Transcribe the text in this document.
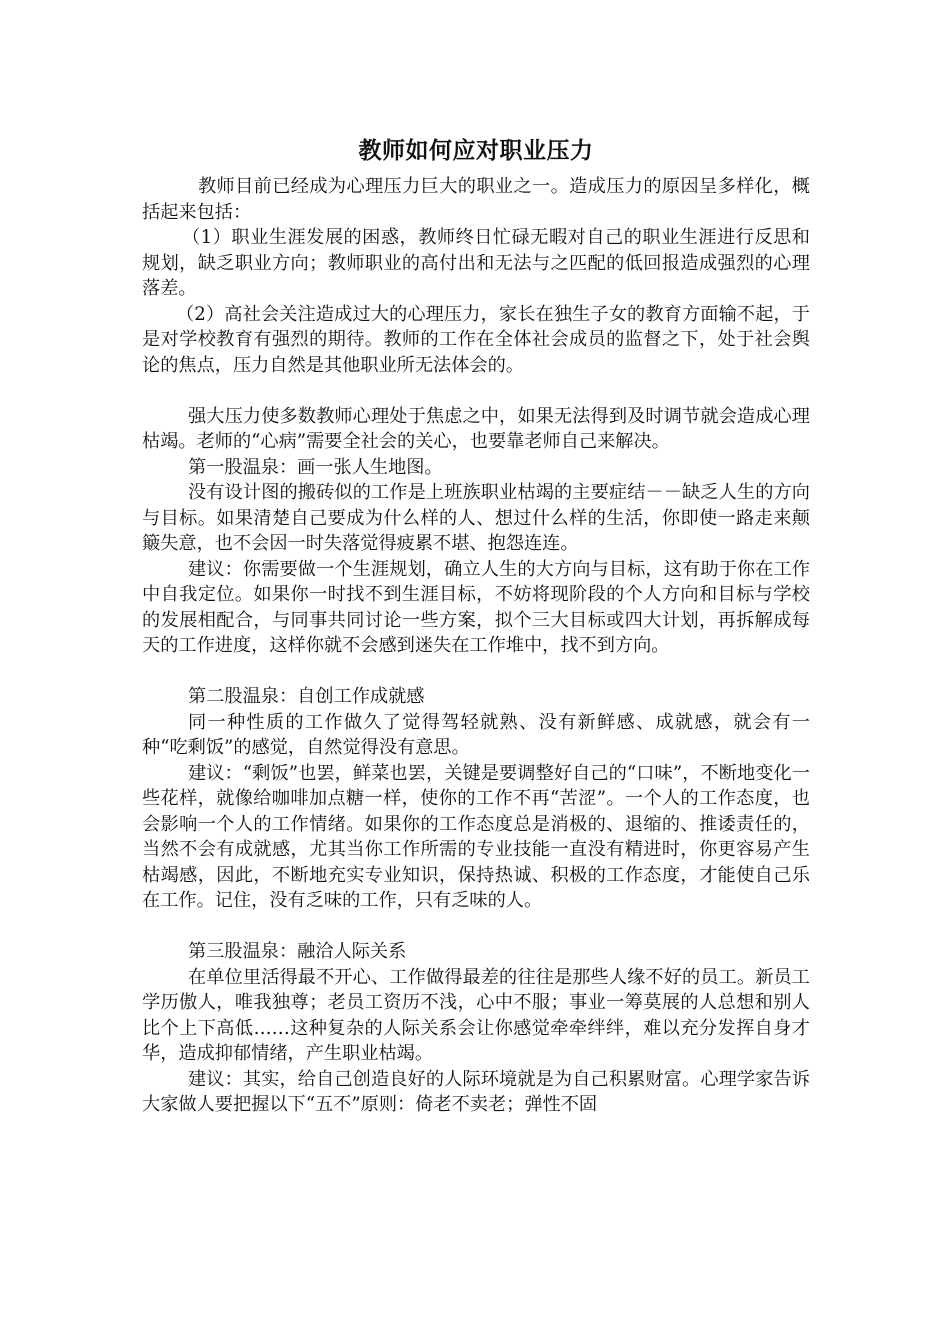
教师如何应对职业压力

教师目前已经成为心理压力巨大的职业之一。造成压力的原因呈多样化，概括起来包括：

（1）职业生涯发展的困惑，教师终日忙碌无暇对自己的职业生涯进行反思和规划，缺乏职业方向；教师职业的高付出和无法与之匹配的低回报造成强烈的心理落差。

（2）高社会关注造成过大的心理压力，家长在独生子女的教育方面输不起，于是对学校教育有强烈的期待。教师的工作在全体社会成员的监督之下，处于社会舆论的焦点，压力自然是其他职业所无法体会的。

强大压力使多数教师心理处于焦虑之中，如果无法得到及时调节就会造成心理枯竭。老师的“心病”需要全社会的关心，也要靠老师自己来解决。

第一股温泉：画一张人生地图。

没有设计图的搬砖似的工作是上班族职业枯竭的主要症结－－缺乏人生的方向与目标。如果清楚自己要成为什么样的人、想过什么样的生活，你即使一路走来颠簸失意，也不会因一时失落觉得疲累不堪、抱怨连连。

建议：你需要做一个生涯规划，确立人生的大方向与目标，这有助于你在工作中自我定位。如果你一时找不到生涯目标，不妨将现阶段的个人方向和目标与学校的发展相配合，与同事共同讨论一些方案，拟个三大目标或四大计划，再拆解成每天的工作进度，这样你就不会感到迷失在工作堆中，找不到方向。

第二股温泉：自创工作成就感

同一种性质的工作做久了觉得驾轻就熟、没有新鲜感、成就感，就会有一种“吃剩饭”的感觉，自然觉得没有意思。

建议：“剩饭”也罢，鲜菜也罢，关键是要调整好自己的“口味”，不断地变化一些花样，就像给咖啡加点糖一样，使你的工作不再“苦涩”。一个人的工作态度，也会影响一个人的工作情绪。如果你的工作态度总是消极的、退缩的、推诿责任的，当然不会有成就感，尤其当你工作所需的专业技能一直没有精进时，你更容易产生枯竭感，因此，不断地充实专业知识，保持热诚、积极的工作态度，才能使自己乐在工作。记住，没有乏味的工作，只有乏味的人。

第三股温泉：融洽人际关系

在单位里活得最不开心、工作做得最差的往往是那些人缘不好的员工。新员工学历傲人，唯我独尊；老员工资历不浅，心中不服；事业一筹莫展的人总想和别人比个上下高低……这种复杂的人际关系会让你感觉牵牵绊绊，难以充分发挥自身才华，造成抑郁情绪，产生职业枯竭。

建议：其实，给自己创造良好的人际环境就是为自己积累财富。心理学家告诉大家做人要把握以下“五不”原则：倚老不卖老；弹性不固
